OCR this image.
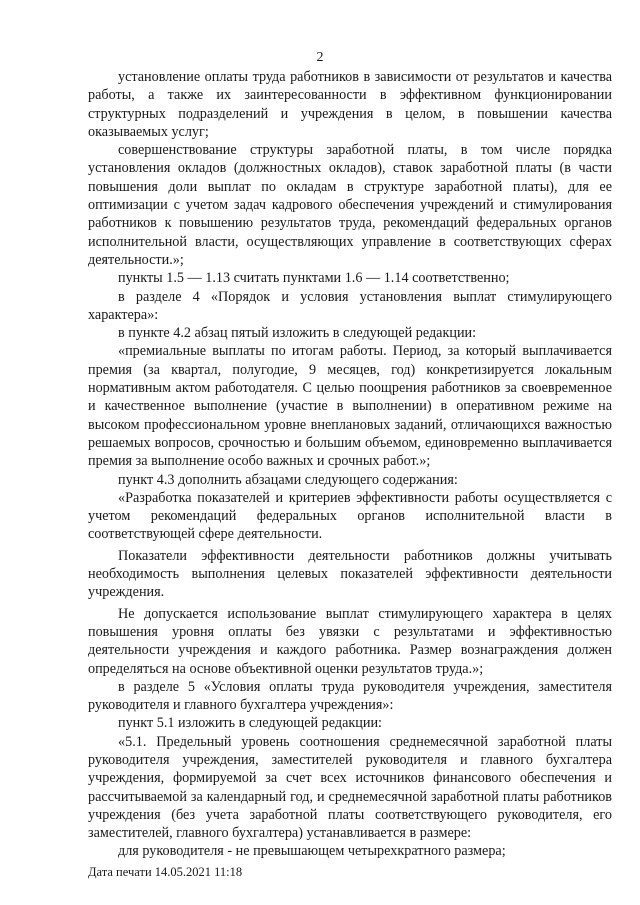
2

установление оплаты труда работников в зависимости от результатов и качества работы, а также их заинтересованности в эффективном функционировании структурных подразделений и учреждения в целом, в повышении качества оказываемых услуг;

совершенствование структуры заработной платы, в том числе порядка установления окладов (должностных окладов), ставок заработной платы (в части повышения доли выплат по окладам в структуре заработной платы), для ее оптимизации с учетом задач кадрового обеспечения учреждений и стимулирования работников к повышению результатов труда, рекомендаций федеральных органов исполнительной власти, осуществляющих управление в соответствующих сферах деятельности.»;

пункты 1.5 — 1.13 считать пунктами 1.6 — 1.14 соответственно;

в разделе 4 «Порядок и условия установления выплат стимулирующего характера»:

в пункте 4.2 абзац пятый изложить в следующей редакции:

«премиальные выплаты по итогам работы. Период, за который выплачивается премия (за квартал, полугодие, 9 месяцев, год) конкретизируется локальным нормативным актом работодателя. С целью поощрения работников за своевременное и качественное выполнение (участие в выполнении) в оперативном режиме на высоком профессиональном уровне внеплановых заданий, отличающихся важностью решаемых вопросов, срочностью и большим объемом, единовременно выплачивается премия за выполнение особо важных и срочных работ.»;

пункт 4.3 дополнить абзацами следующего содержания:

«Разработка показателей и критериев эффективности работы осуществляется с учетом рекомендаций федеральных органов исполнительной власти в соответствующей сфере деятельности.

Показатели эффективности деятельности работников должны учитывать необходимость выполнения целевых показателей эффективности деятельности учреждения.

Не допускается использование выплат стимулирующего характера в целях повышения уровня оплаты без увязки с результатами и эффективностью деятельности учреждения и каждого работника. Размер вознаграждения должен определяться на основе объективной оценки результатов труда.»;

в разделе 5 «Условия оплаты труда руководителя учреждения, заместителя руководителя и главного бухгалтера учреждения»:

пункт 5.1 изложить в следующей редакции:

«5.1. Предельный уровень соотношения среднемесячной заработной платы руководителя учреждения, заместителей руководителя и главного бухгалтера учреждения, формируемой за счет всех источников финансового обеспечения и рассчитываемой за календарный год, и среднемесячной заработной платы работников учреждения (без учета заработной платы соответствующего руководителя, его заместителей, главного бухгалтера) устанавливается в размере:

для руководителя - не превышающем четырехкратного размера;

Дата печати 14.05.2021 11:18
